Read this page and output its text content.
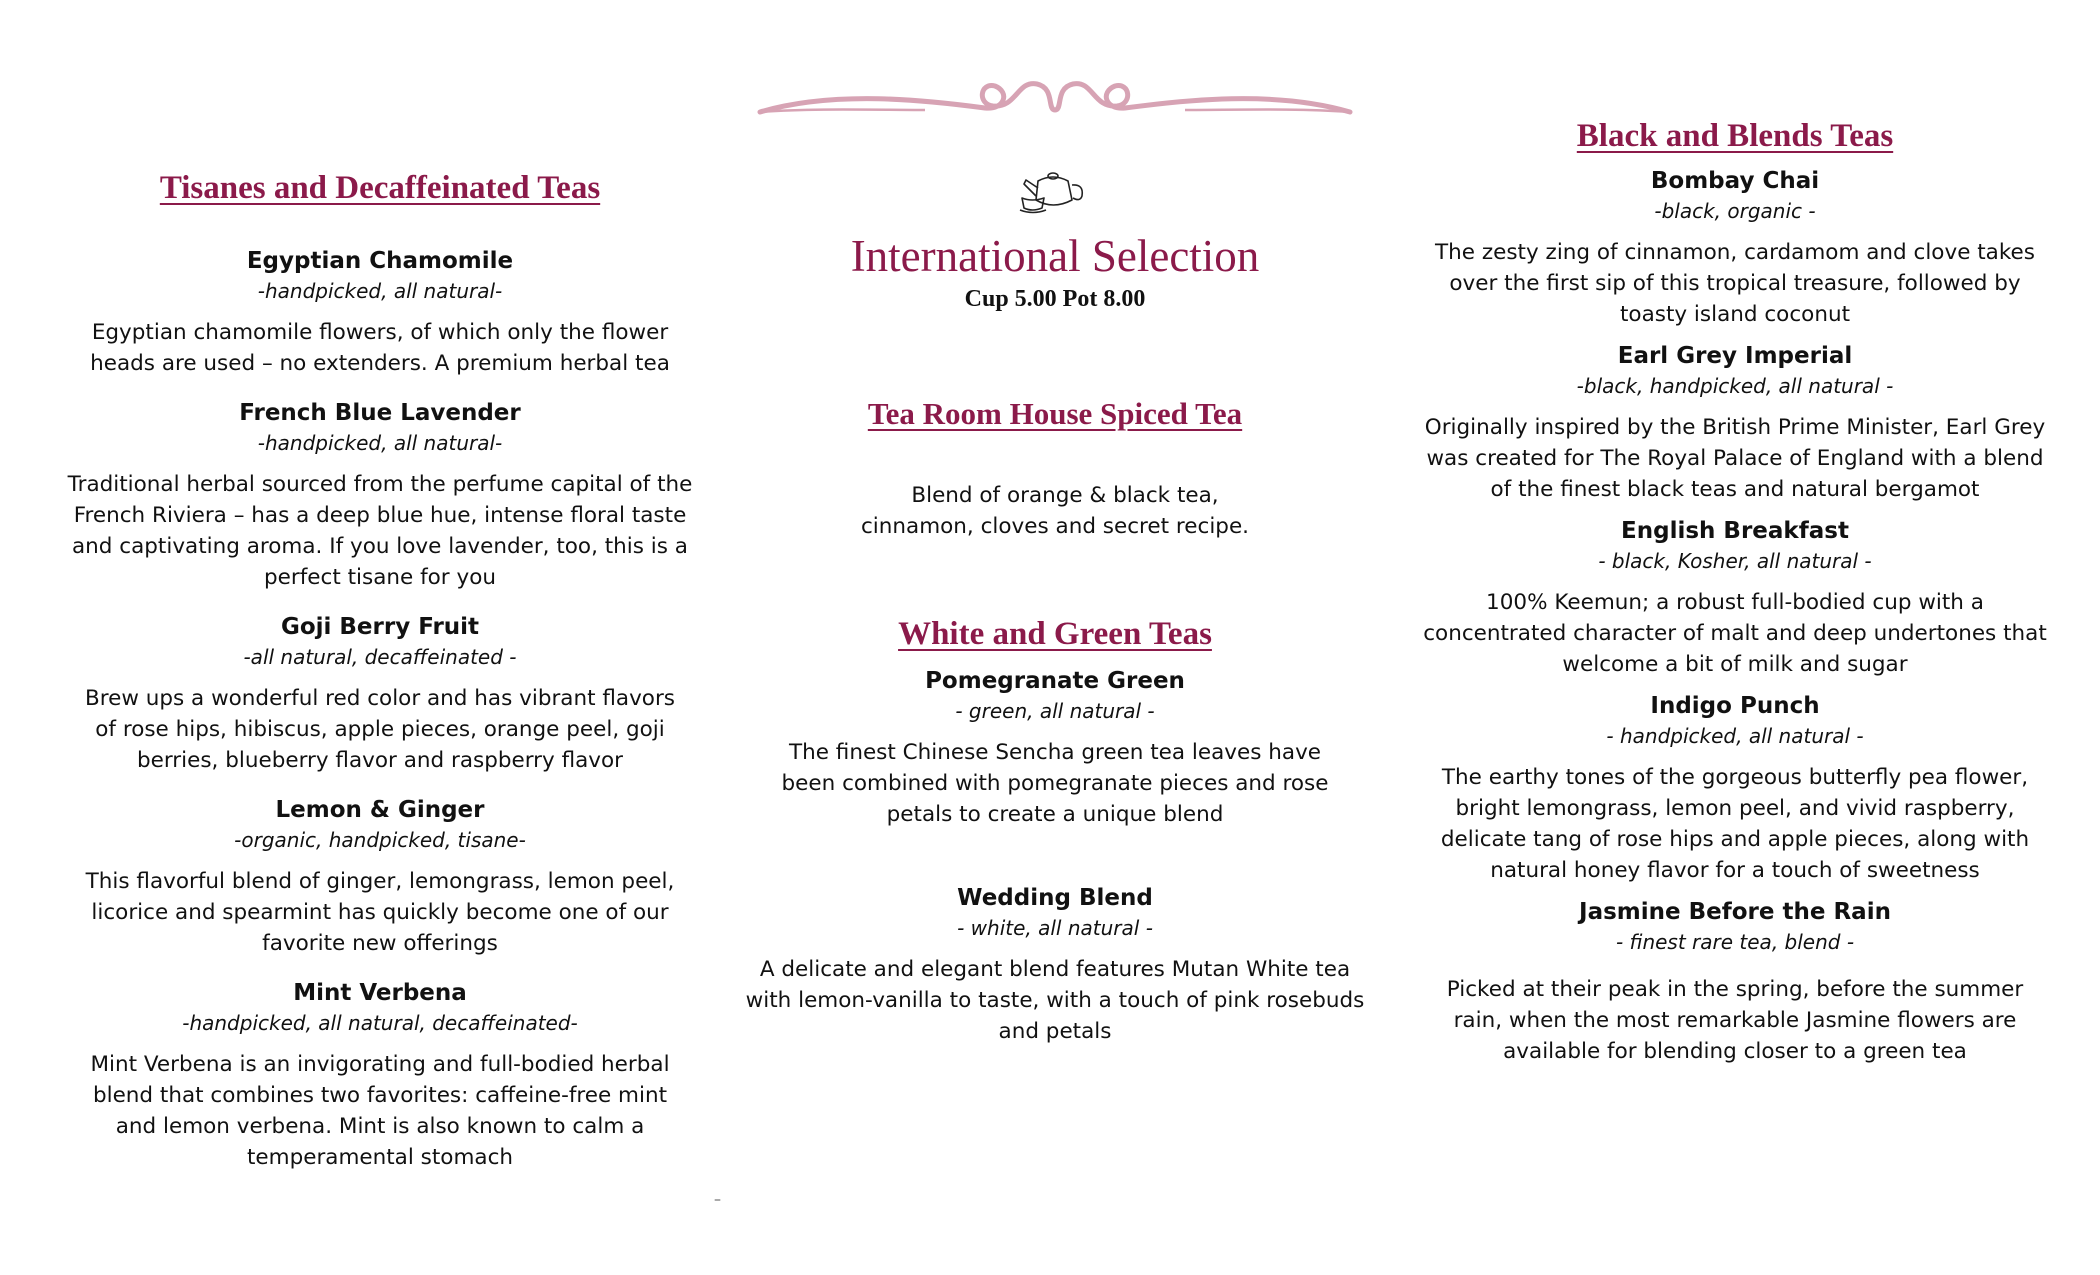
Tisanes and Decaffeinated Teas

Egyptian Chamomile

-handpicked, all natural-

Egyptian chamomile flowers, of which only the flower heads are used – no extenders. A premium herbal tea

French Blue Lavender

-handpicked, all natural-

Traditional herbal sourced from the perfume capital of the French Riviera – has a deep blue hue, intense floral taste and captivating aroma. If you love lavender, too, this is a perfect tisane for you

Goji Berry Fruit

-all natural, decaffeinated -

Brew ups a wonderful red color and has vibrant flavors of rose hips, hibiscus, apple pieces, orange peel, goji berries, blueberry flavor and raspberry flavor

Lemon & Ginger

-organic, handpicked, tisane-

This flavorful blend of ginger, lemongrass, lemon peel, licorice and spearmint has quickly become one of our favorite new offerings

Mint Verbena

-handpicked, all natural, decaffeinated-

Mint Verbena is an invigorating and full-bodied herbal blend that combines two favorites: caffeine-free mint and lemon verbena. Mint is also known to calm a temperamental stomach

International Selection

Cup 5.00 Pot 8.00

Tea Room House Spiced Tea
Blend of orange & black tea,
cinnamon, cloves and secret recipe.
White and Green Teas

Pomegranate Green

- green, all natural -

The finest Chinese Sencha green tea leaves have been combined with pomegranate pieces and rose petals to create a unique blend

Wedding Blend

- white, all natural -

A delicate and elegant blend features Mutan White tea with lemon-vanilla to taste, with a touch of pink rosebuds and petals

–
Black and Blends Teas

Bombay Chai

-black, organic -

The zesty zing of cinnamon, cardamom and clove takes over the first sip of this tropical treasure, followed by toasty island coconut

Earl Grey Imperial

-black, handpicked, all natural -

Originally inspired by the British Prime Minister, Earl Grey was created for The Royal Palace of England with a blend of the finest black teas and natural bergamot

English Breakfast

- black, Kosher, all natural -

100% Keemun; a robust full-bodied cup with a concentrated character of malt and deep undertones that welcome a bit of milk and sugar

Indigo Punch

- handpicked, all natural -

The earthy tones of the gorgeous butterfly pea flower, bright lemongrass, lemon peel, and vivid raspberry, delicate tang of rose hips and apple pieces, along with natural honey flavor for a touch of sweetness

Jasmine Before the Rain

- finest rare tea, blend -

Picked at their peak in the spring, before the summer rain, when the most remarkable Jasmine flowers are available for blending closer to a green tea
